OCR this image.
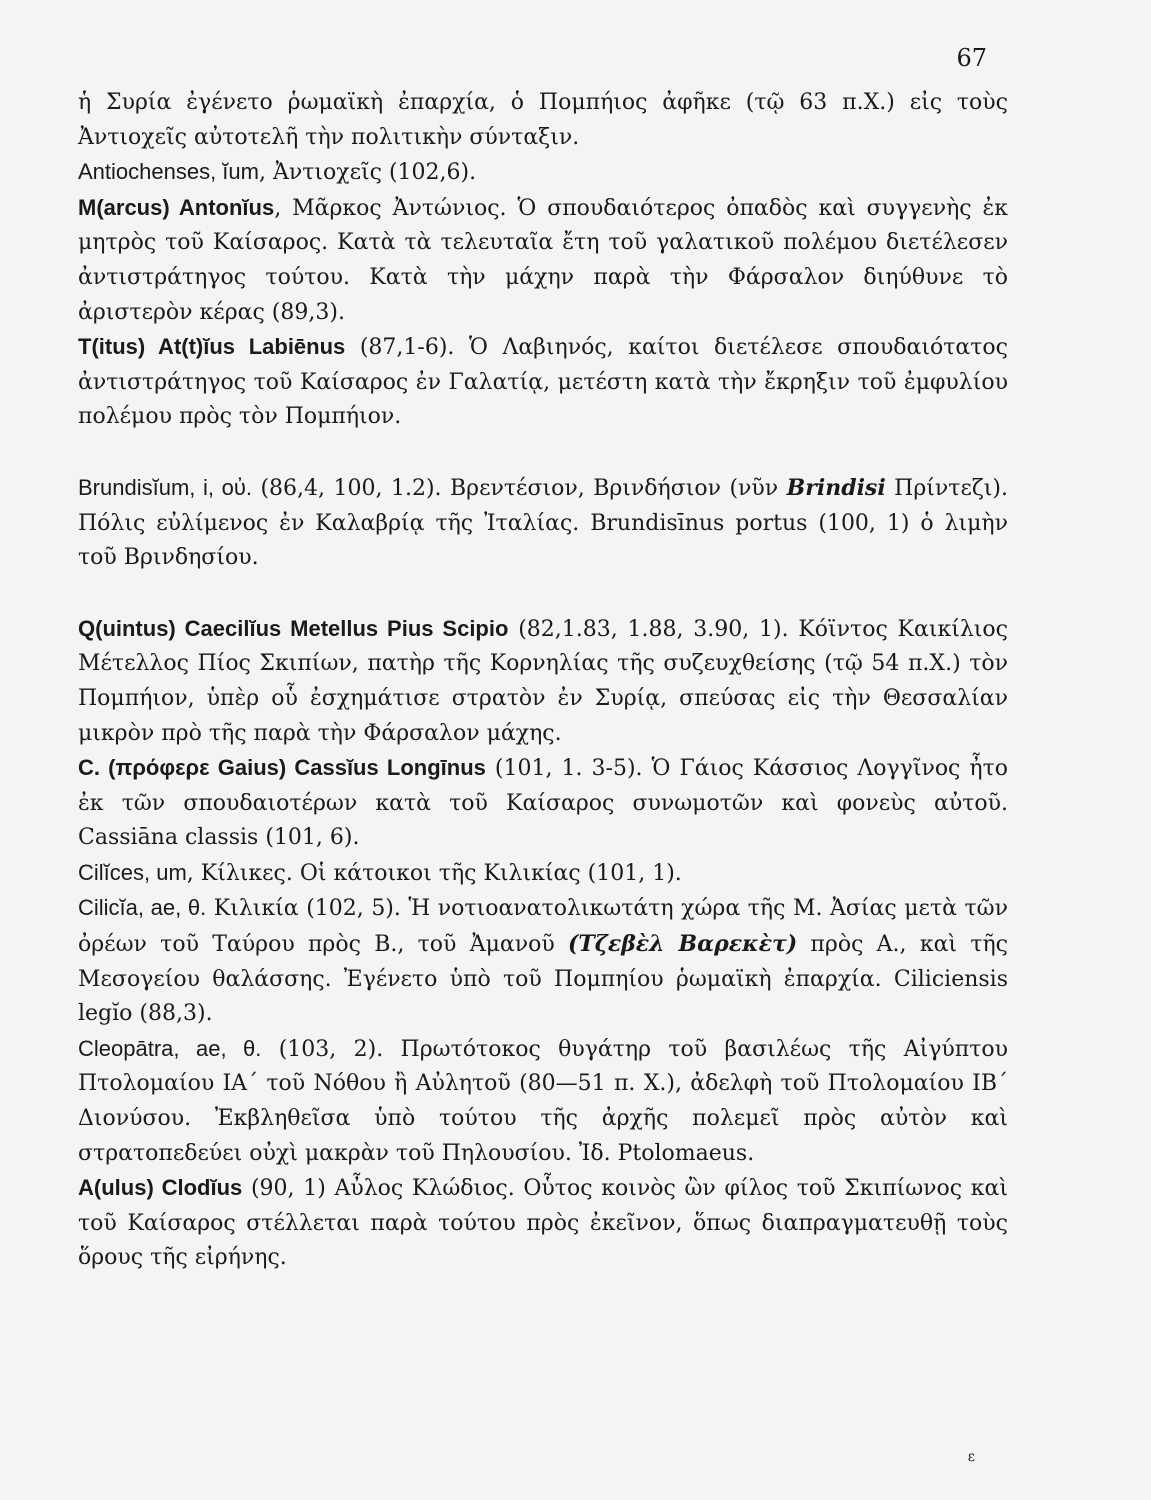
67

ἡ Συρία ἐγένετο ῥωμαϊκὴ ἐπαρχία, ὁ Πομπήιος ἀφῆκε (τῷ 63 π.Χ.) εἰς τοὺς Ἀντιοχεῖς αὐτοτελῆ τὴν πολιτικὴν σύνταξιν.

Antiochenses, ĭum, Ἀντιοχεῖς (102,6).

M(arcus) Antonĭus, Μᾶρκος Ἀντώνιος. Ὁ σπουδαιότερος ὀπαδὸς καὶ συγγενὴς ἐκ μητρὸς τοῦ Καίσαρος. Κατὰ τὰ τελευταῖα ἔτη τοῦ γαλατικοῦ πολέμου διετέλεσεν ἀντιστράτηγος τούτου. Κατὰ τὴν μάχην παρὰ τὴν Φάρσαλον διηύθυνε τὸ ἀριστερὸν κέρας (89,3).

T(itus) At(t)ĭus Labiēnus (87,1-6). Ὁ Λαβιηνός, καίτοι διετέλεσε σπουδαιότατος ἀντιστράτηγος τοῦ Καίσαρος ἐν Γαλατίᾳ, μετέστη κατὰ τὴν ἔκρηξιν τοῦ ἐμφυλίου πολέμου πρὸς τὸν Πομπήιον.

Brundisĭum, i, οὐ. (86,4, 100, 1.2). Βρεντέσιον, Βρινδήσιον (νῦν Brindisi Πρίντεζι). Πόλις εὐλίμενος ἐν Καλαβρίᾳ τῆς Ἰταλίας. Brundisīnus portus (100, 1) ὁ λιμὴν τοῦ Βρινδησίου.

Q(uintus) Caecilĭus Metellus Pius Scipio (82,1.83, 1.88, 3.90, 1). Κόϊντος Καικίλιος Μέτελλος Πίος Σκιπίων, πατὴρ τῆς Κορνηλίας τῆς συζευχθείσης (τῷ 54 π.Χ.) τὸν Πομπήιον, ὑπὲρ οὗ ἐσχημάτισε στρατὸν ἐν Συρίᾳ, σπεύσας εἰς τὴν Θεσσαλίαν μικρὸν πρὸ τῆς παρὰ τὴν Φάρσαλον μάχης.

C. (πρόφερε Gaius) Cassĭus Longīnus (101, 1. 3-5). Ὁ Γάιος Κάσσιος Λογγῖνος ἦτο ἐκ τῶν σπουδαιοτέρων κατὰ τοῦ Καίσαρος συνωμοτῶν καὶ φονεὺς αὐτοῦ. Cassiāna classis (101, 6).

Cilĭces, um, Κίλικες. Οἱ κάτοικοι τῆς Κιλικίας (101, 1).

Cilicĭa, ae, θ. Κιλικία (102, 5). Ἡ νοτιοανατολικωτάτη χώρα τῆς Μ. Ἀσίας μετὰ τῶν ὀρέων τοῦ Ταύρου πρὸς Β., τοῦ Ἀμανοῦ (Τζεβὲλ Βαρεκὲτ) πρὸς Α., καὶ τῆς Μεσογείου θαλάσσης. Ἐγένετο ὑπὸ τοῦ Πομπηίου ῥωμαϊκὴ ἐπαρχία. Ciliciensis legĭo (88,3).

Cleopātra, ae, θ. (103, 2). Πρωτότοκος θυγάτηρ τοῦ βασιλέως τῆς Αἰγύπτου Πτολομαίου ΙΑ΄ τοῦ Νόθου ἢ Αὐλητοῦ (80—51 π. Χ.), ἀδελφὴ τοῦ Πτολομαίου ΙΒ΄ Διονύσου. Ἐκβληθεῖσα ὑπὸ τούτου τῆς ἀρχῆς πολεμεῖ πρὸς αὐτὸν καὶ στρατοπεδεύει οὐχὶ μακρὰν τοῦ Πηλουσίου. Ἰδ. Ptolomaeus.

A(ulus) Clodĭus (90, 1) Αὖλος Κλώδιος. Οὗτος κοινὸς ὢν φίλος τοῦ Σκιπίωνος καὶ τοῦ Καίσαρος στέλλεται παρὰ τούτου πρὸς ἐκεῖνον, ὅπως διαπραγματευθῇ τοὺς ὅρους τῆς εἰρήνης.

ε
